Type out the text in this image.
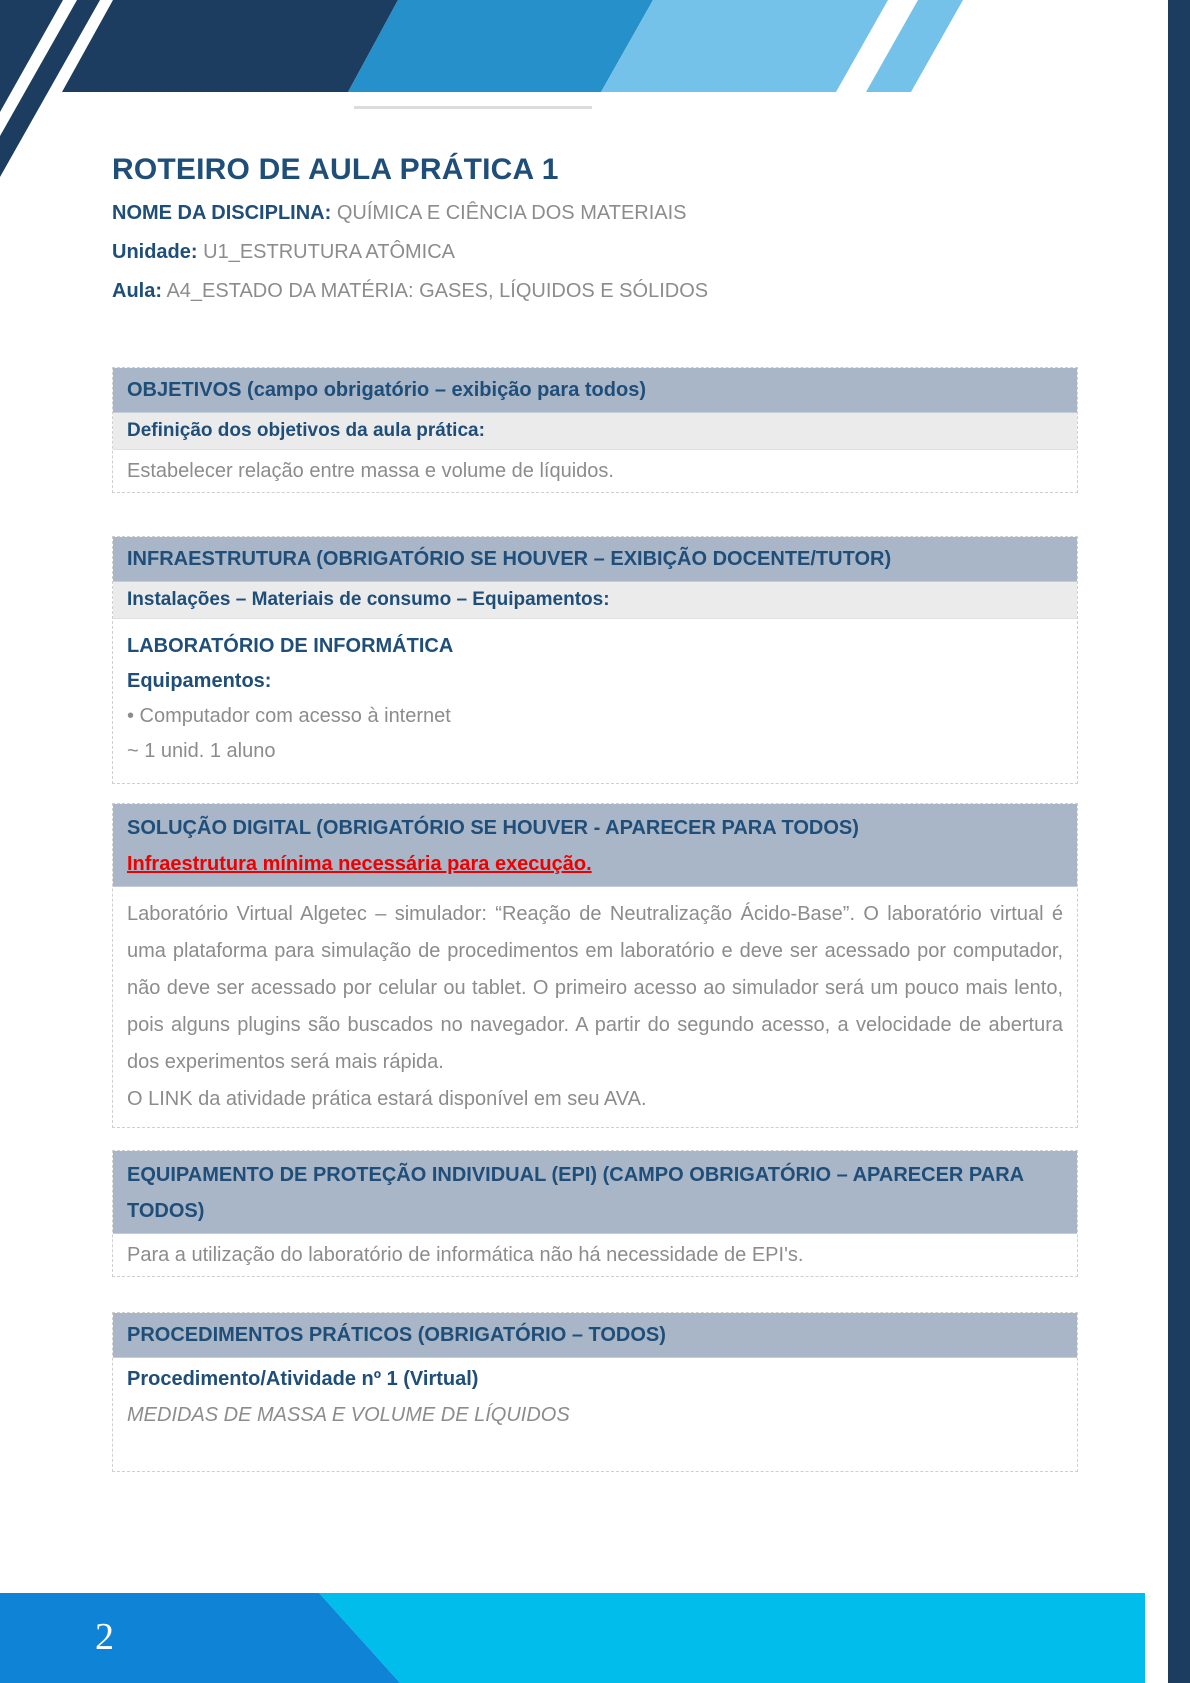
ROTEIRO DE AULA PRÁTICA 1
NOME DA DISCIPLINA: QUÍMICA E CIÊNCIA DOS MATERIAIS
Unidade: U1_ESTRUTURA ATÔMICA
Aula: A4_ESTADO DA MATÉRIA: GASES, LÍQUIDOS E SÓLIDOS
OBJETIVOS (campo obrigatório – exibição para todos)
Definição dos objetivos da aula prática:
Estabelecer relação entre massa e volume de líquidos.
INFRAESTRUTURA (OBRIGATÓRIO SE HOUVER – EXIBIÇÃO DOCENTE/TUTOR)
Instalações – Materiais de consumo – Equipamentos:
LABORATÓRIO DE INFORMÁTICA
Equipamentos:
• Computador com acesso à internet
~ 1 unid. 1 aluno
SOLUÇÃO DIGITAL (OBRIGATÓRIO SE HOUVER - APARECER PARA TODOS)
Infraestrutura mínima necessária para execução.
Laboratório Virtual Algetec – simulador: “Reação de Neutralização Ácido-Base”. O laboratório virtual é uma plataforma para simulação de procedimentos em laboratório e deve ser acessado por computador, não deve ser acessado por celular ou tablet. O primeiro acesso ao simulador será um pouco mais lento, pois alguns plugins são buscados no navegador. A partir do segundo acesso, a velocidade de abertura dos experimentos será mais rápida.
O LINK da atividade prática estará disponível em seu AVA.
EQUIPAMENTO DE PROTEÇÃO INDIVIDUAL (EPI) (CAMPO OBRIGATÓRIO – APARECER PARA TODOS)
Para a utilização do laboratório de informática não há necessidade de EPI's.
PROCEDIMENTOS PRÁTICOS (OBRIGATÓRIO – TODOS)
Procedimento/Atividade nº 1 (Virtual)
MEDIDAS DE MASSA E VOLUME DE LÍQUIDOS
2
